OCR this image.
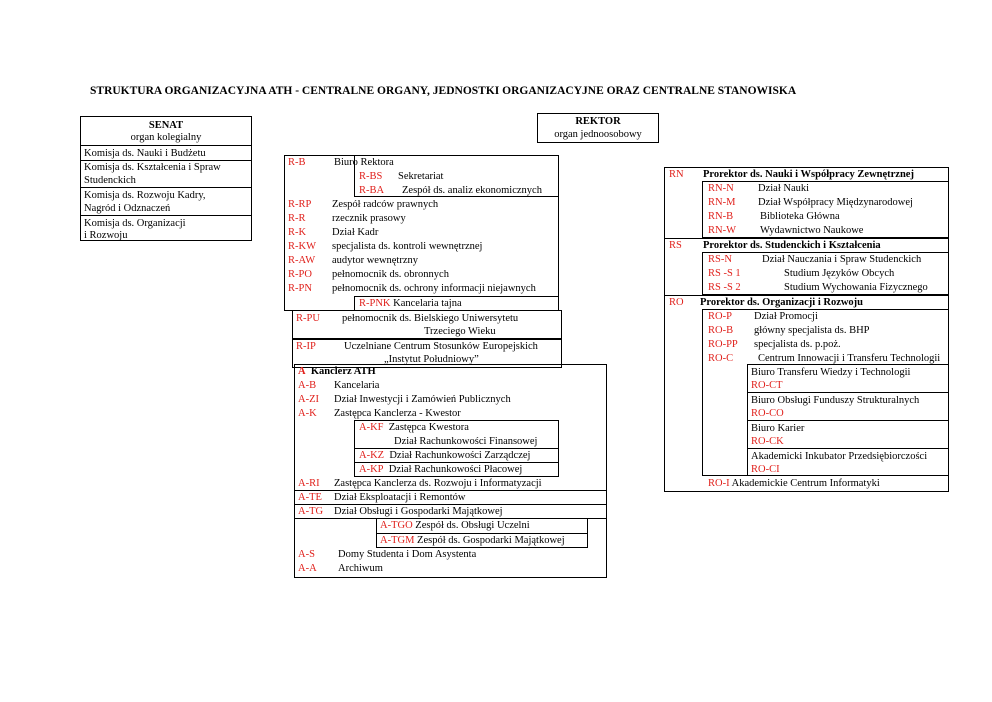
STRUKTURA ORGANIZACYJNA ATH - CENTRALNE ORGANY, JEDNOSTKI ORGANIZACYJNE ORAZ CENTRALNE STANOWISKA
SENAT
organ kolegialny
Komisja ds. Nauki i Budżetu
Komisja ds. Kształcenia i Spraw
Studenckich
Komisja ds. Rozwoju Kadry,
Nagród i Odznaczeń
Komisja ds. Organizacji
i Rozwoju
REKTOR
organ jednoosobowy
R-B	Biuro Rektora
R-BS Sekretariat
R-BA Zespół ds. analiz ekonomicznych
R-RP Zespół radców prawnych
R-R	rzecznik prasowy
R-K Dział Kadr
R-KW specjalista ds. kontroli wewnętrznej
R-AW audytor wewnętrzny
R-PO pełnomocnik ds. obronnych
R-PN pełnomocnik ds. ochrony informacji niejawnych
R-PNK Kancelaria tajna
R-PU pełnomocnik ds. Bielskiego Uniwersytetu
Trzeciego Wieku
R-IP	Uczelniane Centrum Stosunków Europejskich
„Instytut Południowy”
A Kanclerz ATH
A-B Kancelaria
A-ZI Dział Inwestycji i Zamówień Publicznych
A-K Zastępca Kanclerza - Kwestor
A-KF Zastępca Kwestora
Dział Rachunkowości Finansowej
A-KZ Dział Rachunkowości Zarządczej
A-KP Dział Rachunkowości Płacowej
A-RI Zastępca Kanclerza ds. Rozwoju i Informatyzacji
A-TE Dział Eksploatacji i Remontów
A-TG Dział Obsługi i Gospodarki Majątkowej
A-TGO Zespół ds. Obsługi Uczelni
A-TGM Zespół ds. Gospodarki Majątkowej
A-S Domy Studenta i Dom Asystenta
A-A Archiwum
RN Prorektor ds. Nauki i Współpracy Zewnętrznej
RN-N Dział Nauki
RN-M Dział Współpracy Międzynarodowej
RN-B	Biblioteka Główna
RN-W Wydawnictwo Naukowe
RS Prorektor ds. Studenckich i Kształcenia
RS-N	Dział Nauczania i Spraw Studenckich
RS -S 1	Studium Języków Obcych
RS -S 2	Studium Wychowania Fizycznego
RO Prorektor ds. Organizacji i Rozwoju
RO-P Dział Promocji
RO-B główny specjalista ds. BHP
RO-PP specjalista ds. p.poż.
RO-C Centrum Innowacji i Transferu Technologii
Biuro Transferu Wiedzy i Technologii
RO-CT
Biuro Obsługi Funduszy Strukturalnych
RO-CO
Biuro Karier
RO-CK
Akademicki Inkubator Przedsiębiorczości
RO-CI
RO-I Akademickie Centrum Informatyki
